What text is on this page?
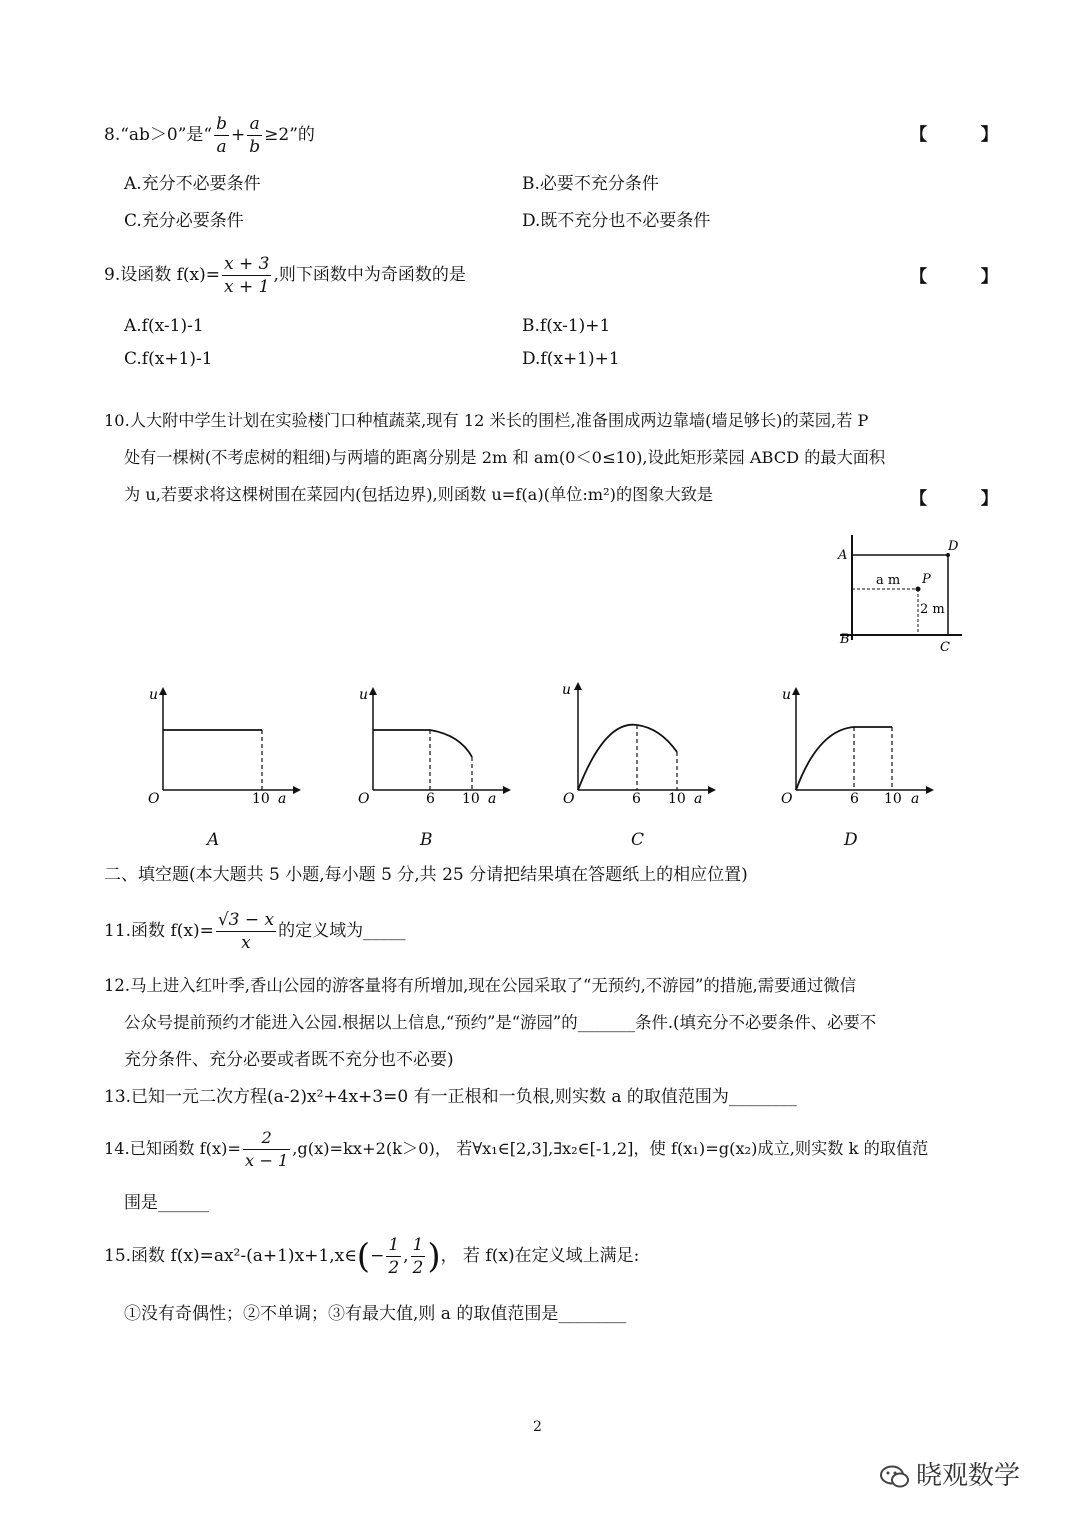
8.“ab＞0”是“ $\frac{b}{a} + \frac{a}{b} \ge 2$”的	【 】
A.充分不必要条件	B.必要不充分条件
C.充分必要条件	D.既不充分也不必要条件
9.设函数 $f(x)= \frac{x + 3}{x + 1}$ ,则下函数中为奇函数的是	【 】
A.f(x-1)-1	B.f(x-1)+1
C.f(x+1)-1	D.f(x+1)+1
10.人大附中学生计划在实验楼门口种植蔬菜,现有 12 米长的围栏,准备围成两边靠墙(墙足够长)的菜园,若 P
处有一棵树(不考虑树的粗细)与两墙的距离分别是 2m 和 am(0＜0≤10),设此矩形菜园 ABCD 的最大面积
为 u,若要求将这棵树围在菜园内(包括边界),则函数 u=f(a)(单位:m²)的图象大致是	【 】
A
D
B
C
P
a m
2 m
u
O	10 a
u
O	6 10 a
u
O	6 10 a
u
O	6 10 a
A	B	C	D
二、填空题(本大题共 5 小题,每小题 5 分,共 25 分请把结果填在答题纸上的相应位置)
11.函数 $f(x)= \frac{√3 - x}{x}$ 的定义域为_____
12.马上进入红叶季,香山公园的游客量将有所增加,现在公园采取了“无预约,不游园”的措施,需要通过微信
公众号提前预约才能进入公园.根据以上信息,“预约”是“游园”的_______条件.(填充分不必要条件、必要不
充分条件、充分必要或者既不充分也不必要)
13.已知一元二次方程(a-2)x²+4x+3=0 有一正根和一负根,则实数 a 的取值范围为________
14.已知函数 $f(x)= \frac{2}{x - 1} ,g(x)=kx+2(k>0)$， 若∀x₁∈[2,3],∃x₂∈[-1,2]，使 f(x₁)=g(x₂)成立,则实数 k 的取值范
围是______
15.函数 f(x)=ax²-(a+1)x+1,x∈(− $\frac{1}{2}$ , $\frac{1}{2}$ )， 若 f(x)在定义域上满足:
①没有奇偶性；②不单调；③有最大值,则 a 的取值范围是________
2
晓观数学
